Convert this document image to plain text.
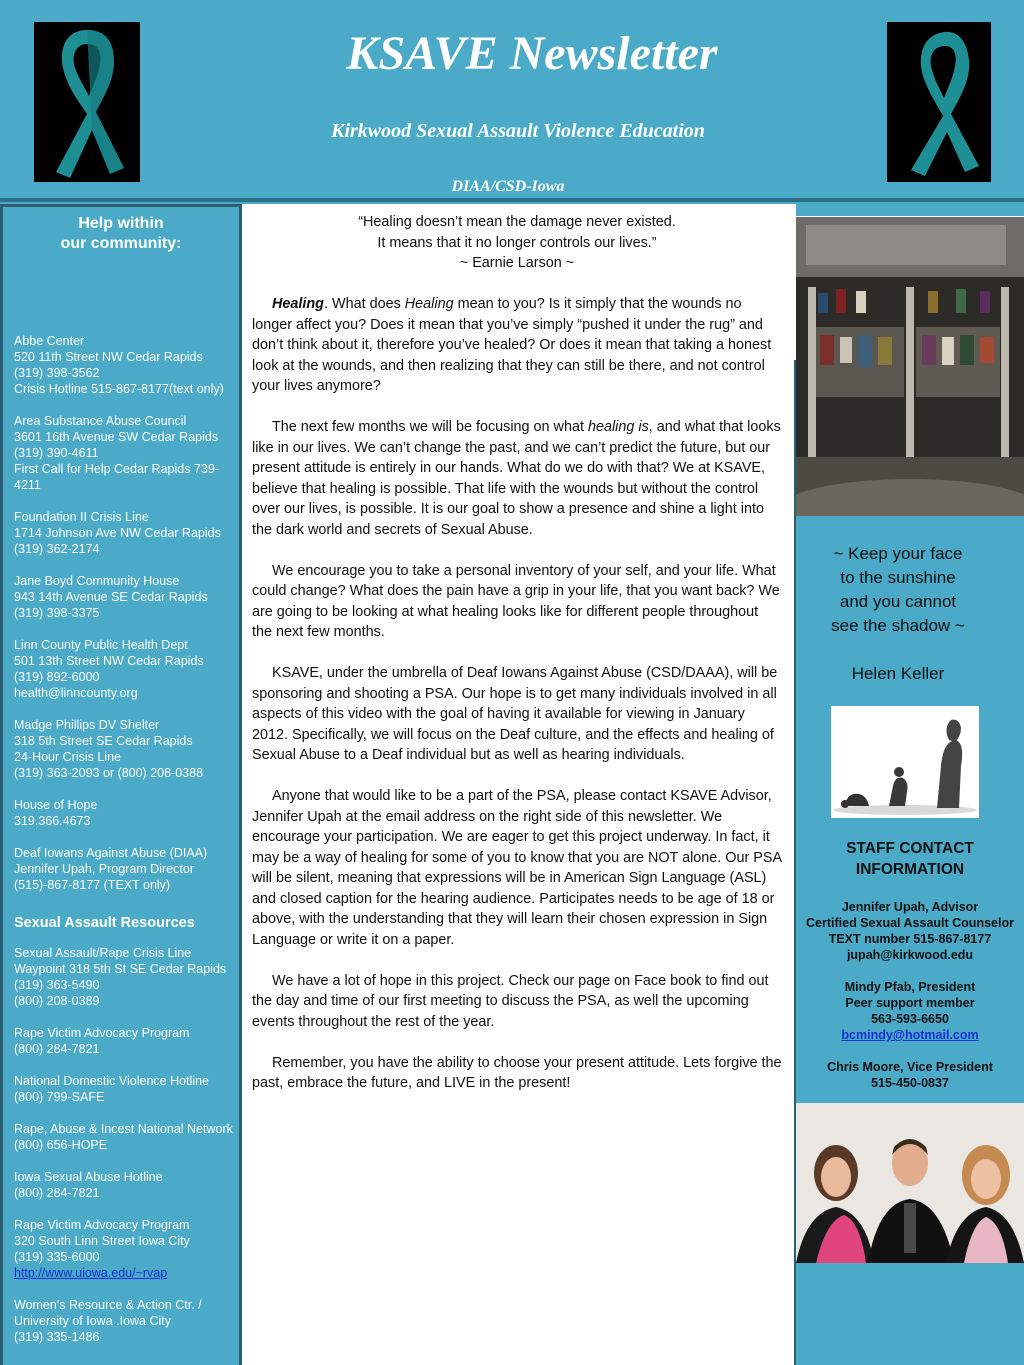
KSAVE Newsletter
Kirkwood Sexual Assault Violence Education
DIAA/CSD-Iowa
Help within
our community:
Abbe Center
520 11th Street NW Cedar Rapids
(319) 398-3562
Crisis Hotline 515-867-8177(text only)
Area Substance Abuse Council
3601 16th Avenue SW Cedar Rapids (319) 390-4611
First Call for Help Cedar Rapids 739-4211
Foundation II Crisis Line
1714 Johnson Ave NW Cedar Rapids (319) 362-2174
Jane Boyd Community House
943 14th Avenue SE Cedar Rapids
(319) 398-3375
Linn County Public Health Dept
501 13th Street NW Cedar Rapids
(319) 892-6000
health@linncounty.org
Madge Phillips DV Shelter
318 5th Street SE Cedar Rapids
24-Hour Crisis Line
(319) 363-2093 or (800) 208-0388
House of Hope
319.366.4673
Deaf Iowans Against Abuse (DIAA)
Jennifer Upah, Program Director
(515)-867-8177 (TEXT only)
Sexual Assault Resources
Sexual Assault/Rape Crisis Line
Waypoint 318 5th St SE Cedar Rapids (319) 363-5490
(800) 208-0389
Rape Victim Advocacy Program
(800) 284-7821
National Domestic Violence Hotline
(800) 799-SAFE
Rape, Abuse & Incest National Network (800) 656-HOPE
Iowa Sexual Abuse Hotline
(800) 284-7821
Rape Victim Advocacy Program
320 South Linn Street Iowa City
(319) 335-6000
http://www.uiowa.edu/~rvap
Women's Resource & Action Ctr. /
University of Iowa .Iowa City
(319) 335-1486
“Healing doesn’t mean the damage never existed.
It means that it no longer controls our lives.”
~ Earnie Larson ~

Healing. What does Healing mean to you? Is it simply that the wounds no longer affect you? Does it mean that you’ve simply “pushed it under the rug” and don’t think about it, therefore you’ve healed? Or does it mean that taking a honest look at the wounds, and then realizing that they can still be there, and not control your lives anymore?

The next few months we will be focusing on what healing is, and what that looks like in our lives. We can’t change the past, and we can’t predict the future, but our present attitude is entirely in our hands. What do we do with that? We at KSAVE, believe that healing is possible. That life with the wounds but without the control over our lives, is possible. It is our goal to show a presence and shine a light into the dark world and secrets of Sexual Abuse.

We encourage you to take a personal inventory of your self, and your life. What could change? What does the pain have a grip in your life, that you want back? We are going to be looking at what healing looks like for different people throughout the next few months.

KSAVE, under the umbrella of Deaf Iowans Against Abuse (CSD/DAAA), will be sponsoring and shooting a PSA. Our hope is to get many individuals involved in all aspects of this video with the goal of having it available for viewing in January 2012. Specifically, we will focus on the Deaf culture, and the effects and healing of Sexual Abuse to a Deaf individual but as well as hearing individuals.

Anyone that would like to be a part of the PSA, please contact KSAVE Advisor, Jennifer Upah at the email address on the right side of this newsletter. We encourage your participation. We are eager to get this project underway. In fact, it may be a way of healing for some of you to know that you are NOT alone. Our PSA will be silent, meaning that expressions will be in American Sign Language (ASL) and closed caption for the hearing audience. Participates needs to be age of 18 or above, with the understanding that they will learn their chosen expression in Sign Language or write it on a paper.

We have a lot of hope in this project. Check our page on Face book to find out the day and time of our first meeting to discuss the PSA, as well the upcoming events throughout the rest of the year.

Remember, you have the ability to choose your present attitude. Lets forgive the past, embrace the future, and LIVE in the present!

~ Keep your face
to the sunshine
and you cannot
see the shadow ~
Helen Keller
STAFF CONTACT
INFORMATION
Jennifer Upah, Advisor
Certified Sexual Assault Counselor
TEXT number 515-867-8177
jupah@kirkwood.edu
Mindy Pfab, President
Peer support member
563-593-6650
bcmindy@hotmail.com
Chris Moore, Vice President
515-450-0837
